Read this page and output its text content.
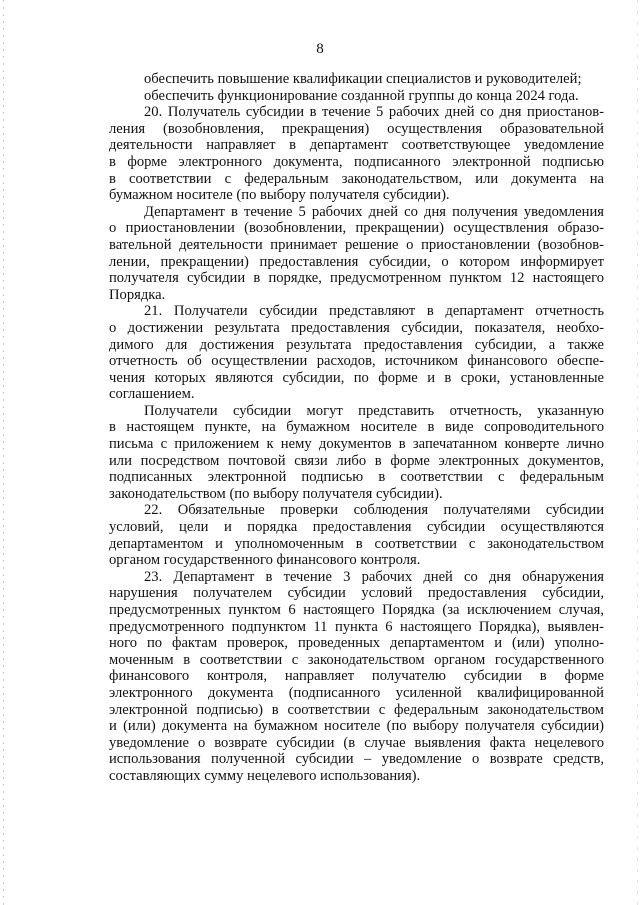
8
обеспечить повышение квалификации специалистов и руководителей;
обеспечить функционирование созданной группы до конца 2024 года.
20. Получатель субсидии в течение 5 рабочих дней со дня приостанов-
ления (возобновления, прекращения) осуществления образовательной
деятельности направляет в департамент соответствующее уведомление
в форме электронного документа, подписанного электронной подписью
в соответствии с федеральным законодательством, или документа на
бумажном носителе (по выбору получателя субсидии).
Департамент в течение 5 рабочих дней со дня получения уведомления
о приостановлении (возобновлении, прекращении) осуществления образо-
вательной деятельности принимает решение о приостановлении (возобнов-
лении, прекращении) предоставления субсидии, о котором информирует
получателя субсидии в порядке, предусмотренном пунктом 12 настоящего
Порядка.
21. Получатели субсидии представляют в департамент отчетность
о достижении результата предоставления субсидии, показателя, необхо-
димого для достижения результата предоставления субсидии, а также
отчетность об осуществлении расходов, источником финансового обеспе-
чения которых являются субсидии, по форме и в сроки, установленные
соглашением.
Получатели субсидии могут представить отчетность, указанную
в настоящем пункте, на бумажном носителе в виде сопроводительного
письма с приложением к нему документов в запечатанном конверте лично
или посредством почтовой связи либо в форме электронных документов,
подписанных электронной подписью в соответствии с федеральным
законодательством (по выбору получателя субсидии).
22. Обязательные проверки соблюдения получателями субсидии
условий, цели и порядка предоставления субсидии осуществляются
департаментом и уполномоченным в соответствии с законодательством
органом государственного финансового контроля.
23. Департамент в течение 3 рабочих дней со дня обнаружения
нарушения получателем субсидии условий предоставления субсидии,
предусмотренных пунктом 6 настоящего Порядка (за исключением случая,
предусмотренного подпунктом 11 пункта 6 настоящего Порядка), выявлен-
ного по фактам проверок, проведенных департаментом и (или) уполно-
моченным в соответствии с законодательством органом государственного
финансового контроля, направляет получателю субсидии в форме
электронного документа (подписанного усиленной квалифицированной
электронной подписью) в соответствии с федеральным законодательством
и (или) документа на бумажном носителе (по выбору получателя субсидии)
уведомление о возврате субсидии (в случае выявления факта нецелевого
использования полученной субсидии – уведомление о возврате средств,
составляющих сумму нецелевого использования).
